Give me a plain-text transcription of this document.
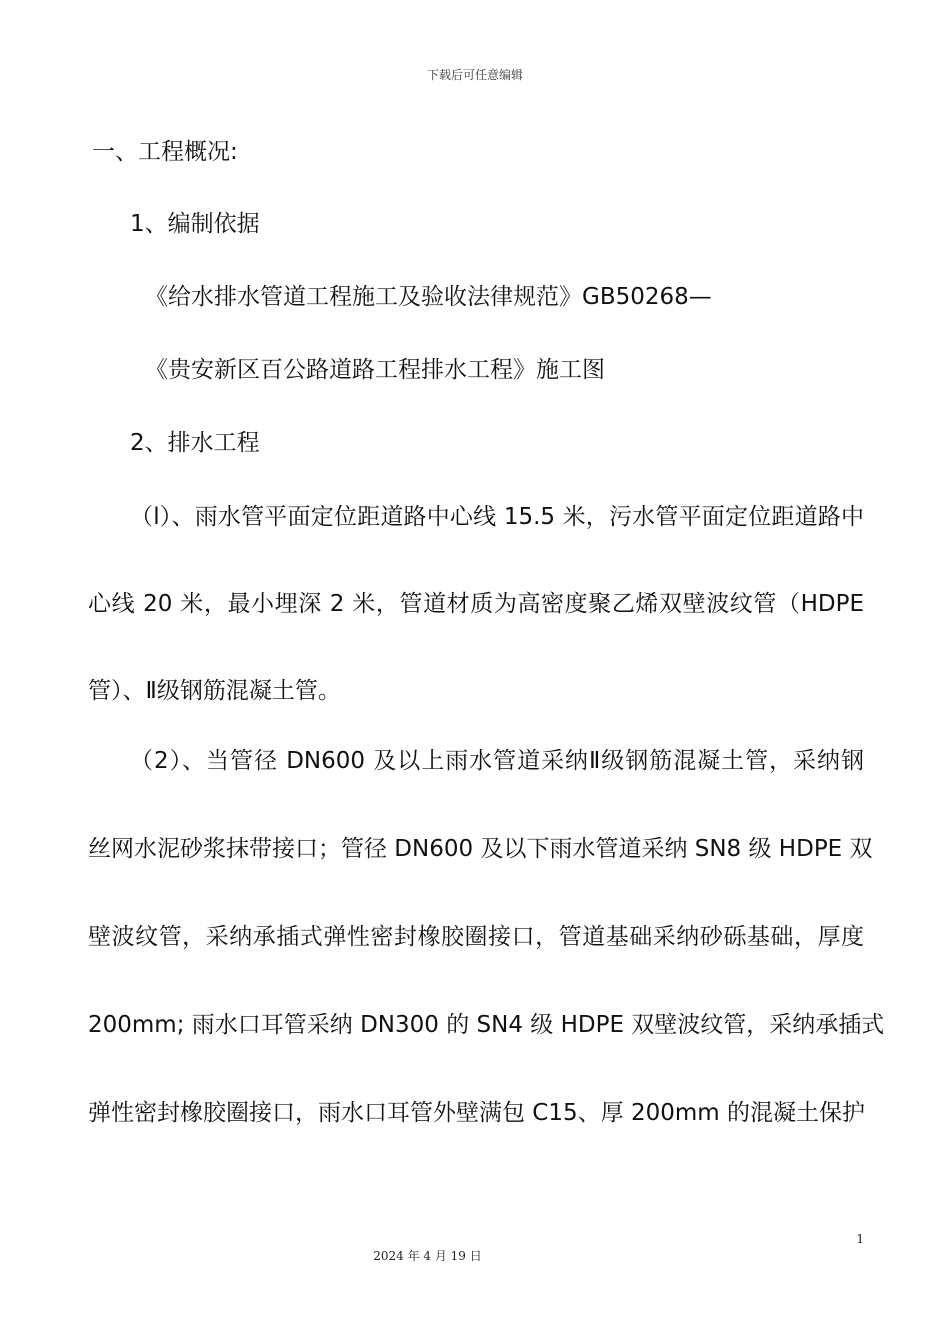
下载后可任意编辑
一、工程概况:
1、编制依据
《给水排水管道工程施工及验收法律规范》GB50268—
《贵安新区百公路道路工程排水工程》施工图
2、排水工程
（l）、雨水管平面定位距道路中心线 15.5 米，污水管平面定位距道路中
心线 20 米，最小埋深 2 米，管道材质为高密度聚乙烯双壁波纹管（HDPE
管）、Ⅱ级钢筋混凝土管。
（2）、当管径 DN600 及以上雨水管道采纳Ⅱ级钢筋混凝土管，采纳钢
丝网水泥砂浆抹带接口；管径 DN600 及以下雨水管道采纳 SN8 级 HDPE 双
壁波纹管，采纳承插式弹性密封橡胶圈接口，管道基础采纳砂砾基础，厚度
200mm; 雨水口耳管采纳 DN300 的 SN4 级 HDPE 双壁波纹管，采纳承插式
弹性密封橡胶圈接口，雨水口耳管外壁满包 C15、厚 200mm 的混凝土保护
1
2024 年 4 月 19 日
